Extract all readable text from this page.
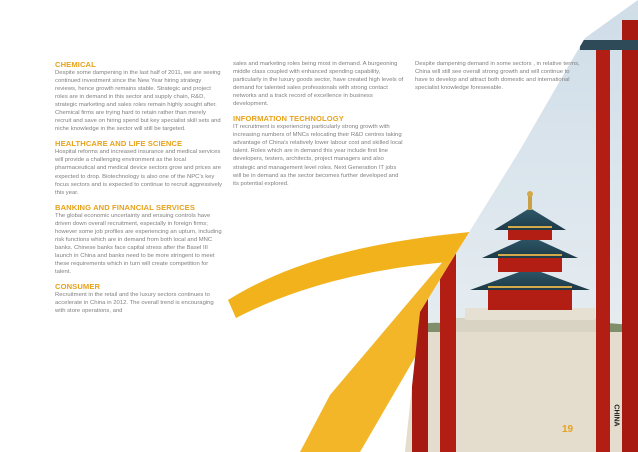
CHEMICAL

Despite some dampening in the last half of 2011, we are seeing continued investment since the New Year hiring strategy reviews, hence growth remains stable. Strategic and project roles are in demand in this sector and supply chain, R&D, strategic marketing and sales roles remain highly sought after. Chemical firms are trying hard to retain rather than merely recruit and save on hiring spend but key specialist skill sets and niche knowledge in the sector will still be targeted.

HEALTHCARE AND LIFE SCIENCE

Hospital reforms and increased insurance and medical services will provide a challenging environment as the local pharmaceutical and medical device sectors grow and prices are expected to drop. Biotechnology is also one of the NPC’s key focus sectors and is expected to continue to recruit aggressively this year.

BANKING AND FINANCIAL SERVICES

The global economic uncertainty and ensuing controls have driven down overall recruitment, especially in foreign firms; however some job profiles are experiencing an upturn, including risk functions which are in demand from both local and MNC banks. Chinese banks face capital stress after the Basel III launch in China and banks need to be more stringent to meet these requirements which in turn will create competition for talent.

CONSUMER

Recruitment in the retail and the luxury sectors continues to accelerate in China in 2012. The overall trend is encouraging with store operations, and

sales and marketing roles being most in demand. A burgeoning middle class coupled with enhanced spending capability, particularly in the luxury goods sector, have created high levels of demand for talented sales professionals with strong contact networks and a track record of excellence in business development.

INFORMATION TECHNOLOGY

IT recruitment is experiencing particularly strong growth with increasing numbers of MNCs relocating their R&D centres taking advantage of China’s relatively lower labour cost and skilled local talent. Roles which are in demand this year include first line developers, testers, architects, project managers and also strategic and management level roles. Next Generation IT jobs will be in demand as the sector becomes further developed and its potential explored.

Despite dampening demand in some sectors , in relative terms, China will still see overall strong growth and will continue to have to develop and attract both domestic and international specialist knowledge foreseeable.

19
CHINA
